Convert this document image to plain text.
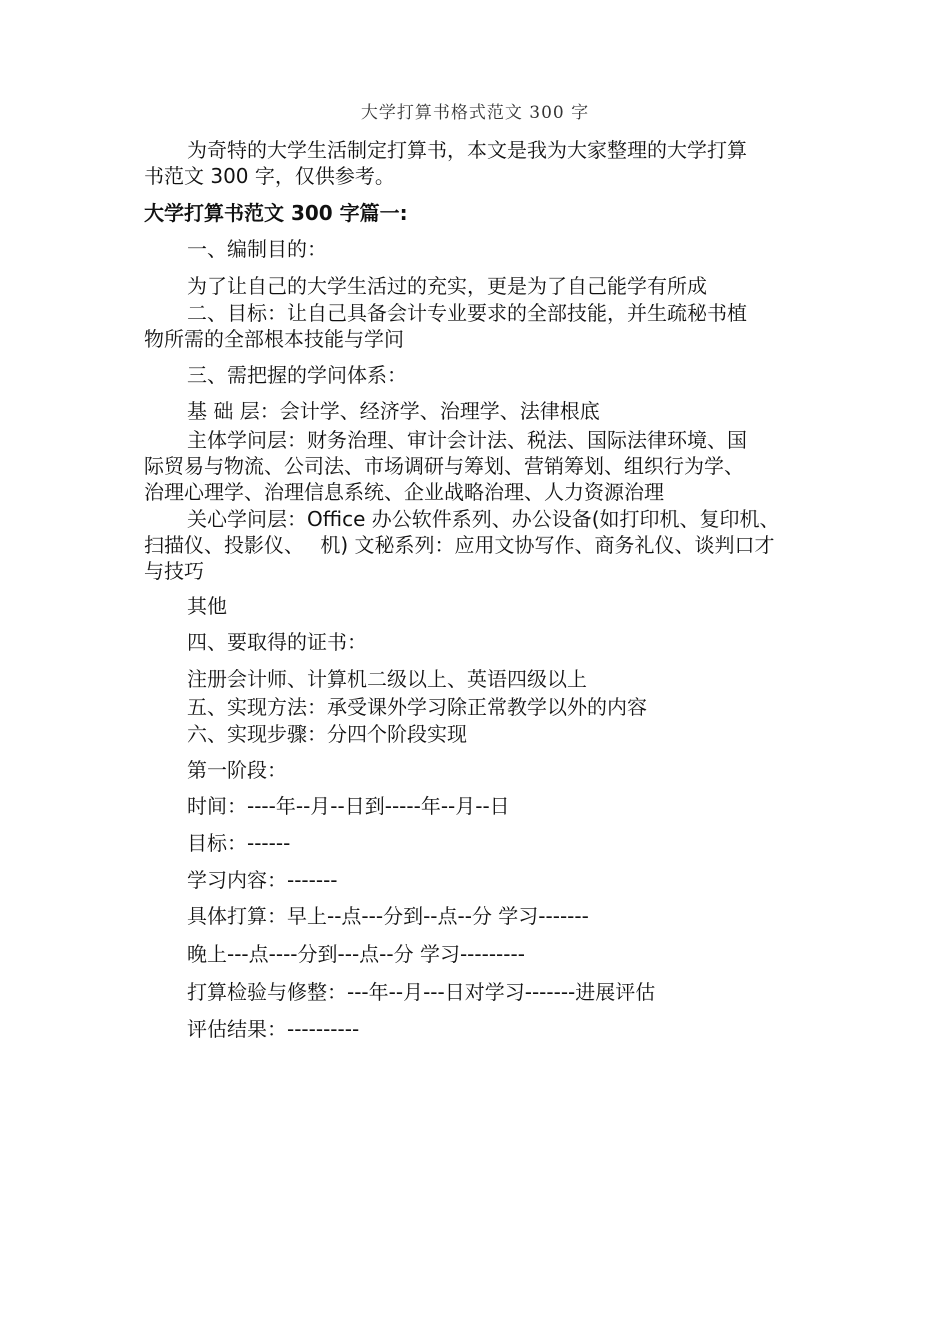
大学打算书格式范文 300 字
为奇特的大学生活制定打算书，本文是我为大家整理的大学打算
书范文 300 字，仅供参考。
大学打算书范文 300 字篇一:
一、编制目的：
为了让自己的大学生活过的充实，更是为了自己能学有所成
二、目标：让自己具备会计专业要求的全部技能，并生疏秘书植
物所需的全部根本技能与学问
三、需把握的学问体系：
基 础 层：会计学、经济学、治理学、法律根底
主体学问层：财务治理、审计会计法、税法、国际法律环境、国
际贸易与物流、公司法、市场调研与筹划、营销筹划、组织行为学、
治理心理学、治理信息系统、企业战略治理、人力资源治理
关心学问层：Office 办公软件系列、办公设备(如打印机、复印机、
扫描仪、投影仪、　 机) 文秘系列：应用文协写作、商务礼仪、谈判口才
与技巧
其他
四、要取得的证书：
注册会计师、计算机二级以上、英语四级以上
五、实现方法：承受课外学习除正常教学以外的内容
六、实现步骤：分四个阶段实现
第一阶段：
时间：----年--月--日到-----年--月--日
目标：------
学习内容：-------
具体打算：早上--点---分到--点--分 学习-------
晚上---点----分到---点--分 学习---------
打算检验与修整：---年--月---日对学习-------进展评估
评估结果：----------
